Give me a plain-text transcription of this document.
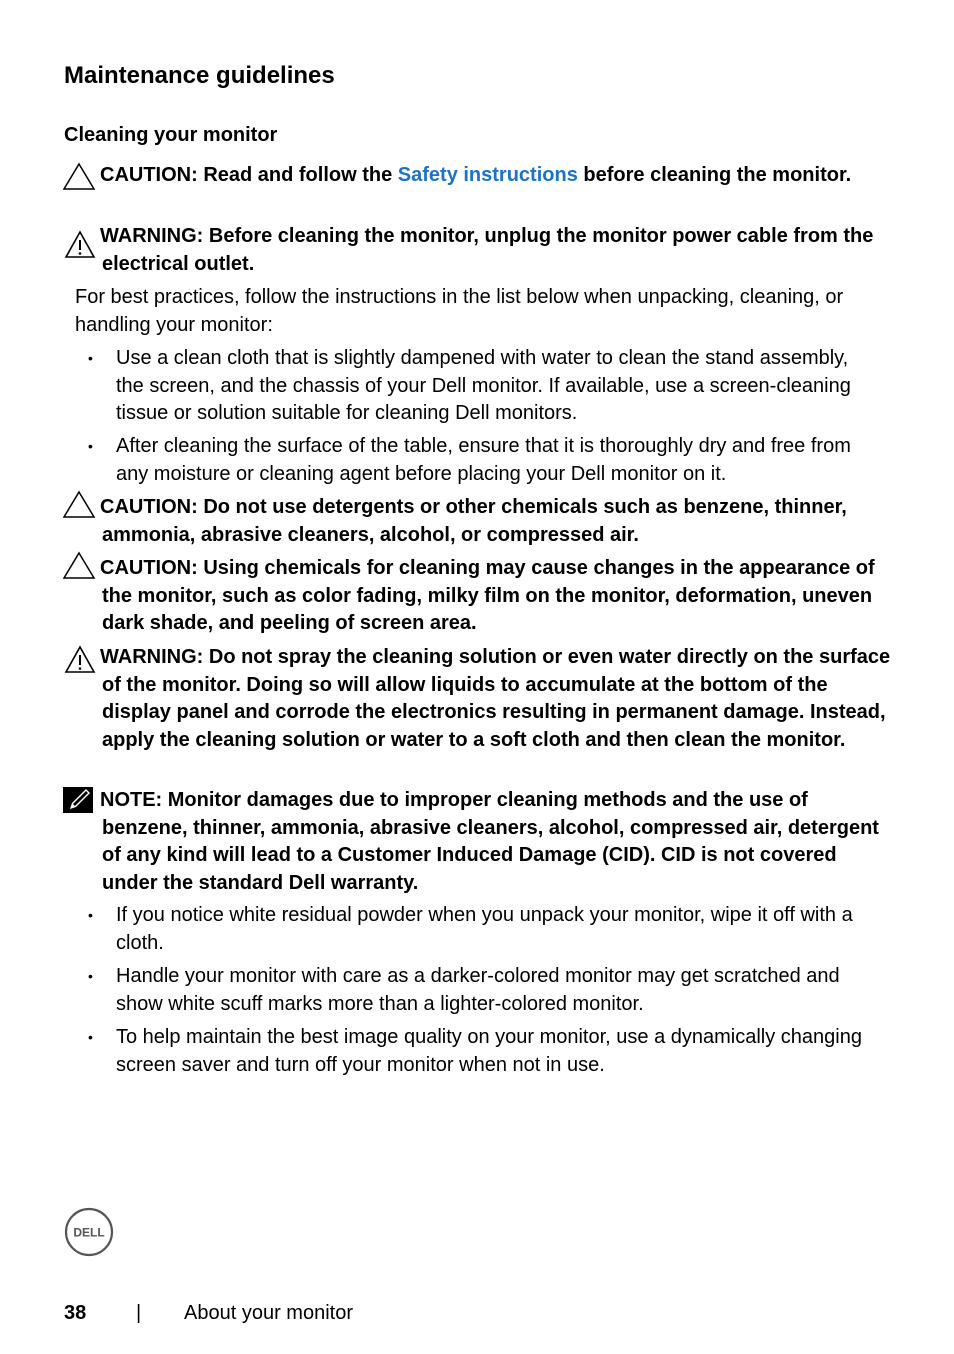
Maintenance guidelines
Cleaning your monitor
CAUTION: Read and follow the Safety instructions before cleaning the monitor.
WARNING: Before cleaning the monitor, unplug the monitor power cable from the electrical outlet.
For best practices, follow the instructions in the list below when unpacking, cleaning, or handling your monitor:
•	Use a clean cloth that is slightly dampened with water to clean the stand assembly, the screen, and the chassis of your Dell monitor. If available, use a screen-cleaning tissue or solution suitable for cleaning Dell monitors.
•	After cleaning the surface of the table, ensure that it is thoroughly dry and free from any moisture or cleaning agent before placing your Dell monitor on it.
CAUTION: Do not use detergents or other chemicals such as benzene, thinner, ammonia, abrasive cleaners, alcohol, or compressed air.
CAUTION: Using chemicals for cleaning may cause changes in the appearance of the monitor, such as color fading, milky film on the monitor, deformation, uneven dark shade, and peeling of screen area.
WARNING: Do not spray the cleaning solution or even water directly on the surface of the monitor. Doing so will allow liquids to accumulate at the bottom of the display panel and corrode the electronics resulting in permanent damage. Instead, apply the cleaning solution or water to a soft cloth and then clean the monitor.
NOTE: Monitor damages due to improper cleaning methods and the use of benzene, thinner, ammonia, abrasive cleaners, alcohol, compressed air, detergent of any kind will lead to a Customer Induced Damage (CID). CID is not covered under the standard Dell warranty.
•	If you notice white residual powder when you unpack your monitor, wipe it off with a cloth.
•	Handle your monitor with care as a darker-colored monitor may get scratched and show white scuff marks more than a lighter-colored monitor.
•	To help maintain the best image quality on your monitor, use a dynamically changing screen saver and turn off your monitor when not in use.
DELL
38 | About your monitor
